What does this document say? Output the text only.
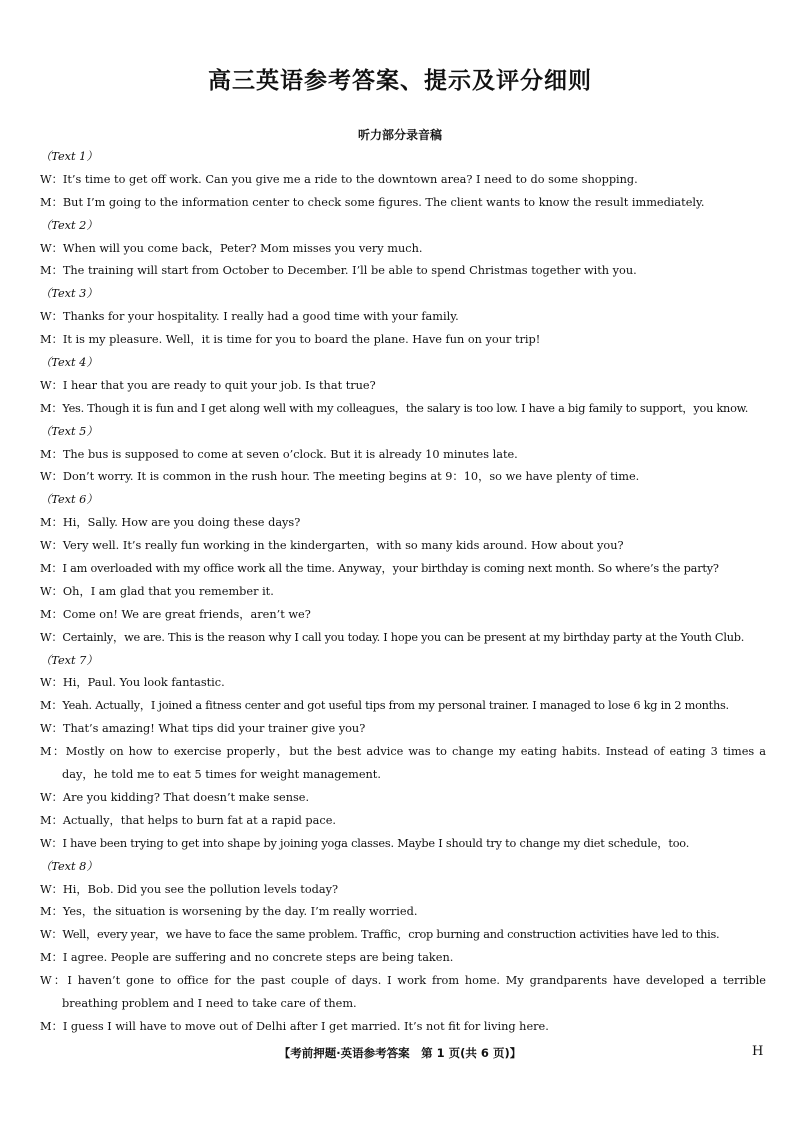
高三英语参考答案、提示及评分细则
听力部分录音稿
（Text 1）
W：It’s time to get off work. Can you give me a ride to the downtown area? I need to do some shopping.
M：But I’m going to the information center to check some figures. The client wants to know the result immediately.
（Text 2）
W：When will you come back，Peter? Mom misses you very much.
M：The training will start from October to December. I’ll be able to spend Christmas together with you.
（Text 3）
W：Thanks for your hospitality. I really had a good time with your family.
M：It is my pleasure. Well，it is time for you to board the plane. Have fun on your trip!
（Text 4）
W：I hear that you are ready to quit your job. Is that true?
M：Yes. Though it is fun and I get along well with my colleagues，the salary is too low. I have a big family to support，you know.
（Text 5）
M：The bus is supposed to come at seven o’clock. But it is already 10 minutes late.
W：Don’t worry. It is common in the rush hour. The meeting begins at 9：10，so we have plenty of time.
（Text 6）
M：Hi，Sally. How are you doing these days?
W：Very well. It’s really fun working in the kindergarten，with so many kids around. How about you?
M：I am overloaded with my office work all the time. Anyway，your birthday is coming next month. So where’s the party?
W：Oh，I am glad that you remember it.
M：Come on! We are great friends，aren’t we?
W：Certainly，we are. This is the reason why I call you today. I hope you can be present at my birthday party at the Youth Club.
（Text 7）
W：Hi，Paul. You look fantastic.
M：Yeah. Actually，I joined a fitness center and got useful tips from my personal trainer. I managed to lose 6 kg in 2 months.
W：That’s amazing! What tips did your trainer give you?
M：Mostly on how to exercise properly，but the best advice was to change my eating habits. Instead of eating 3 times a day，he told me to eat 5 times for weight management.
W：Are you kidding? That doesn’t make sense.
M：Actually，that helps to burn fat at a rapid pace.
W：I have been trying to get into shape by joining yoga classes. Maybe I should try to change my diet schedule，too.
（Text 8）
W：Hi，Bob. Did you see the pollution levels today?
M：Yes，the situation is worsening by the day. I’m really worried.
W：Well，every year，we have to face the same problem. Traffic，crop burning and construction activities have led to this.
M：I agree. People are suffering and no concrete steps are being taken.
W：I haven’t gone to office for the past couple of days. I work from home. My grandparents have developed a terrible breathing problem and I need to take care of them.
M：I guess I will have to move out of Delhi after I get married. It’s not fit for living here.
【考前押题·英语参考答案　第 1 页(共 6 页)】	H
